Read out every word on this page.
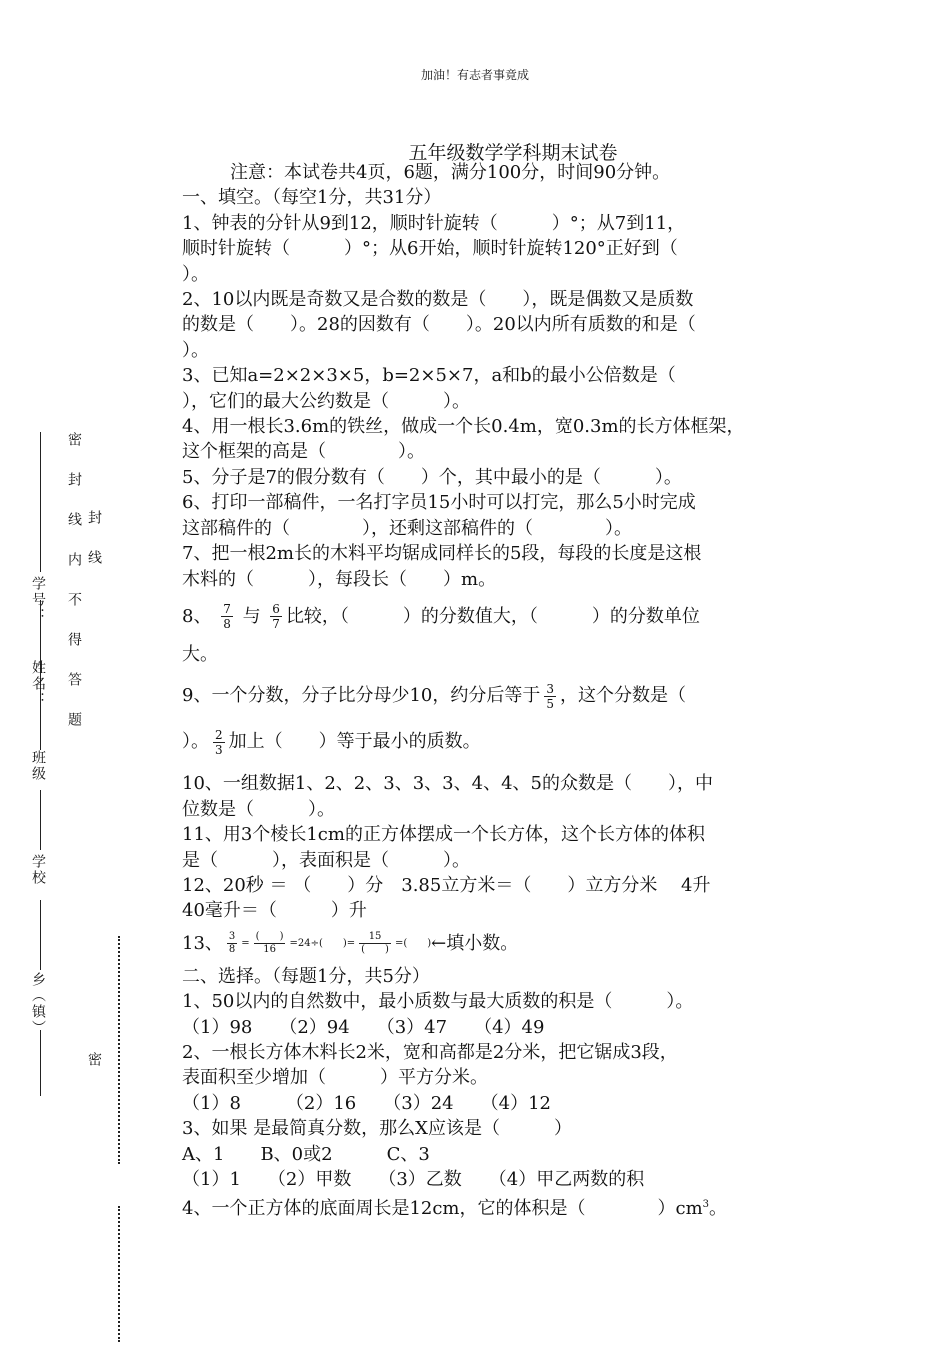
加油！有志者事竟成
五年级数学学科期末试卷
注意：本试卷共4页，6题，满分100分，时间90分钟。
一、填空。（每空1分，共31分）
1、钟表的分针从9到12，顺时针旋转（　　　）°；从7到11，
顺时针旋转（　　　）°；从6开始，顺时针旋转120°正好到（
）。
2、10以内既是奇数又是合数的数是（　　），既是偶数又是质数
的数是（　　）。28的因数有（　　）。20以内所有质数的和是（
）。
3、已知a=2×2×3×5，b=2×5×7，a和b的最小公倍数是（
），它们的最大公约数是（　　　）。
4、用一根长3.6m的铁丝，做成一个长0.4m，宽0.3m的长方体框架，
这个框架的高是（　　　　）。
5、分子是7的假分数有（　　）个，其中最小的是（　　　）。
6、打印一部稿件，一名打字员15小时可以打完，那么5小时完成
这部稿件的（　　　　），还剩这部稿件的（　　　　）。
7、把一根2m长的木料平均锯成同样长的5段，每段的长度是这根
木料的（　　　），每段长（　　）m。
8、 $\frac{7}{8}$ 与 $\frac{6}{7}$ 比较，（　　　）的分数值大，（　　　）的分数单位
大。
9、一个分数，分子比分母少10，约分后等于 $\frac{3}{5}$ ，这个分数是（
）。 $\frac{2}{3}$ 加上（　　）等于最小的质数。
10、一组数据1、2、2、3、3、3、4、4、5的众数是（　　），中
位数是（　　　）。
11、用3个棱长1cm的正方体摆成一个长方体，这个长方体的体积
是（　　　），表面积是（　　　）。
12、20秒 ＝ （　　）分　3.85立方米＝（　　）立方分米　 4升
40毫升＝（　　　）升
13、 $\frac{3}{8} = \frac{( )}{16} =24\div$(　　)= $\frac{15}{( )}$ =(　　)←填小数。
二、选择。（每题1分，共5分）
1、50以内的自然数中，最小质数与最大质数的积是（　　　）。
（1）98　　（2）94　　（3）47　　（4）49
2、一根长方体木料长2米，宽和高都是2分米，把它锯成3段，
表面积至少增加（　　　）平方分米。
（1）8　　　（2）16　　（3）24　　（4）12
3、如果 是最简真分数，那么X应该是（　　　）
A、1　　B、0或2　　　C、3
（1）1　　（2）甲数　　（3）乙数　　（4）甲乙两数的积
4、一个正方体的底面周长是12cm，它的体积是（　　　　）$cm^3$。
学号：
姓名：
班级
学校
乡（镇）
密　封　线　内　不　得　答　题 封　线
密
